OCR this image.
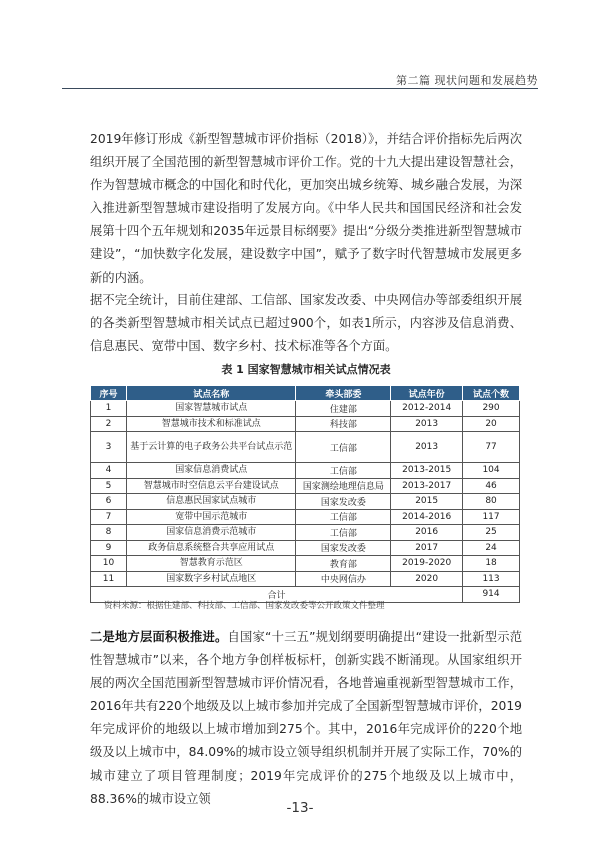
第二篇 现状问题和发展趋势

2019年修订形成《新型智慧城市评价指标（2018）》，并结合评价指标先后两次组织开展了全国范围的新型智慧城市评价工作。党的十九大提出建设智慧社会，作为智慧城市概念的中国化和时代化，更加突出城乡统筹、城乡融合发展，为深入推进新型智慧城市建设指明了发展方向。《中华人民共和国国民经济和社会发展第十四个五年规划和2035年远景目标纲要》提出“分级分类推进新型智慧城市建设”，“加快数字化发展，建设数字中国”，赋予了数字时代智慧城市发展更多新的内涵。

据不完全统计，目前住建部、工信部、国家发改委、中央网信办等部委组织开展的各类新型智慧城市相关试点已超过900个，如表1所示，内容涉及信息消费、信息惠民、宽带中国、数字乡村、技术标准等各个方面。

表 1 国家智慧城市相关试点情况表
序号	试点名称	牵头部委	试点年份	试点个数
1	国家智慧城市试点	住建部	2012-2014	290
2	智慧城市技术和标准试点	科技部	2013	20
3	基于云计算的电子政务公共平台试点示范	工信部	2013	77
4	国家信息消费试点	工信部	2013-2015	104
5	智慧城市时空信息云平台建设试点	国家测绘地理信息局	2013-2017	46
6	信息惠民国家试点城市	国家发改委	2015	80
7	宽带中国示范城市	工信部	2014-2016	117
8	国家信息消费示范城市	工信部	2016	25
9	政务信息系统整合共享应用试点	国家发改委	2017	24
10	智慧教育示范区	教育部	2019-2020	18
11	国家数字乡村试点地区	中央网信办	2020	113
合计				914
资料来源：根据住建部、科技部、工信部、国家发改委等公开政策文件整理

二是地方层面积极推进。自国家“十三五”规划纲要明确提出“建设一批新型示范性智慧城市”以来，各个地方争创样板标杆，创新实践不断涌现。从国家组织开展的两次全国范围新型智慧城市评价情况看，各地普遍重视新型智慧城市工作，2016年共有220个地级及以上城市参加并完成了全国新型智慧城市评价，2019年完成评价的地级以上城市增加到275个。其中，2016年完成评价的220个地级及以上城市中，84.09%的城市设立领导组织机制并开展了实际工作，70%的城市建立了项目管理制度；2019年完成评价的275个地级及以上城市中，88.36%的城市设立领

-13-
